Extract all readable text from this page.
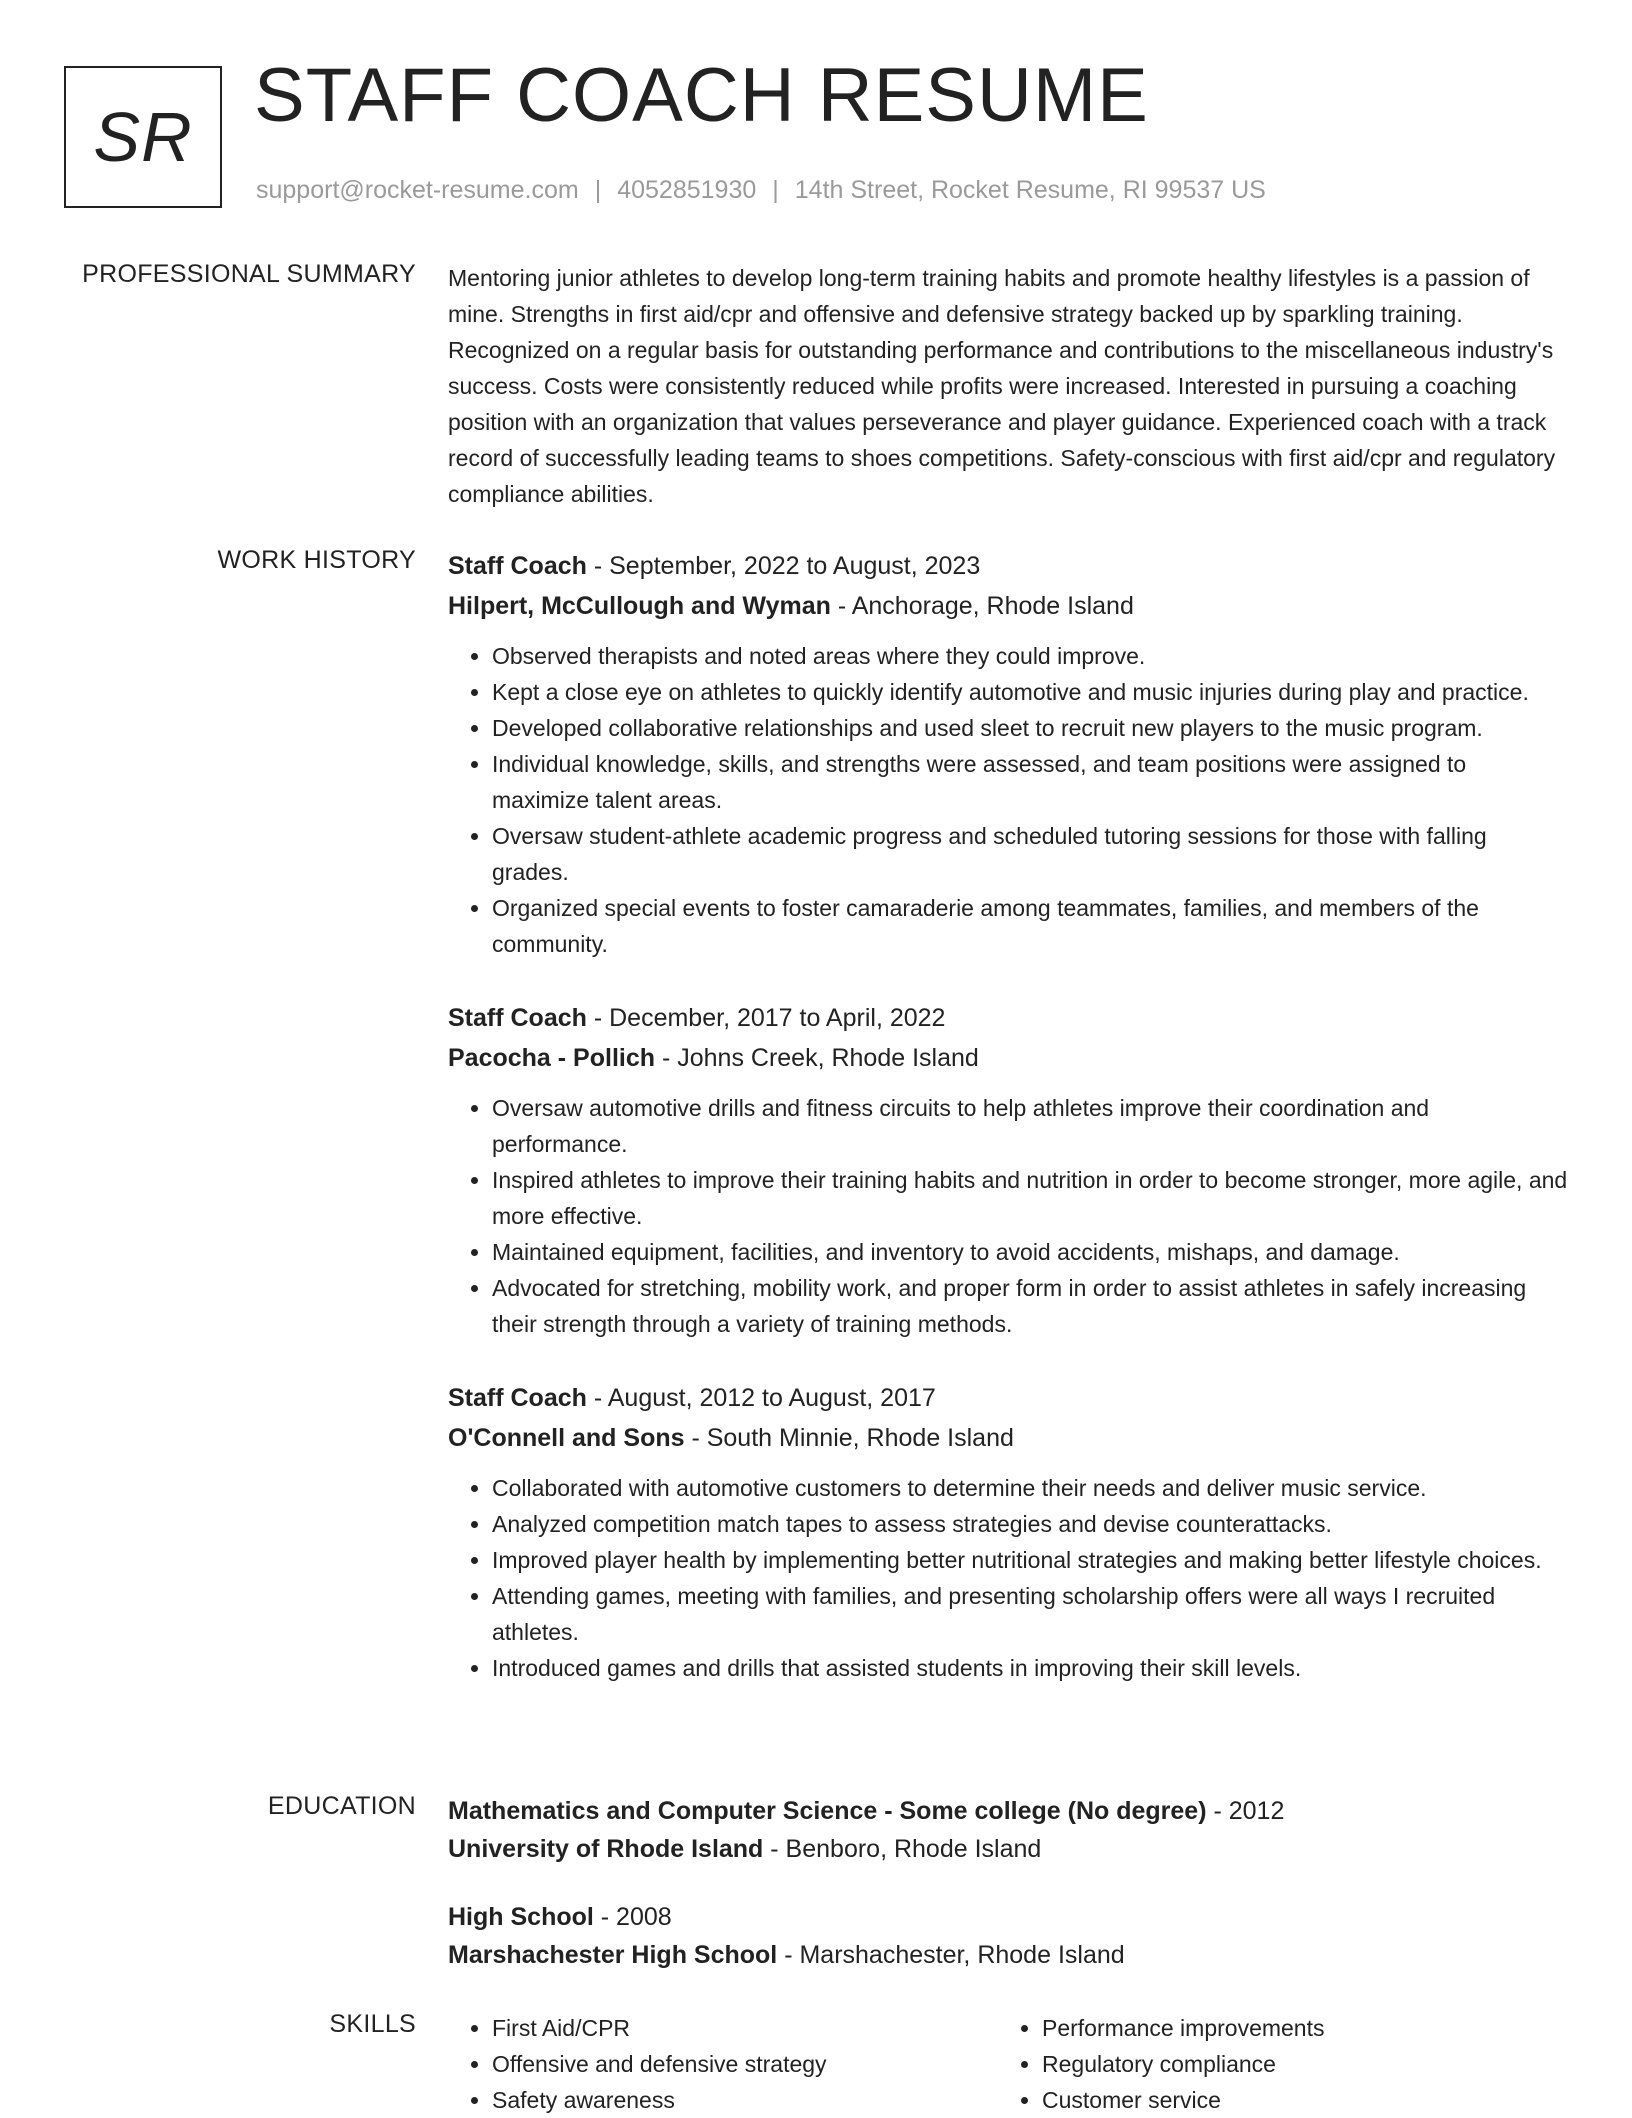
SR STAFF COACH RESUME
support@rocket-resume.com | 4052851930 | 14th Street, Rocket Resume, RI 99537 US
PROFESSIONAL SUMMARY Mentoring junior athletes to develop long-term training habits and promote healthy lifestyles is a passion of mine. Strengths in first aid/cpr and offensive and defensive strategy backed up by sparkling training. Recognized on a regular basis for outstanding performance and contributions to the miscellaneous industry's success. Costs were consistently reduced while profits were increased. Interested in pursuing a coaching position with an organization that values perseverance and player guidance. Experienced coach with a track record of successfully leading teams to shoes competitions. Safety-conscious with first aid/cpr and regulatory compliance abilities.

WORK HISTORY Staff Coach - September, 2022 to August, 2023
Hilpert, McCullough and Wyman - Anchorage, Rhode Island
• Observed therapists and noted areas where they could improve.
• Kept a close eye on athletes to quickly identify automotive and music injuries during play and practice.
• Developed collaborative relationships and used sleet to recruit new players to the music program.
• Individual knowledge, skills, and strengths were assessed, and team positions were assigned to maximize talent areas.
• Oversaw student-athlete academic progress and scheduled tutoring sessions for those with falling grades.
• Organized special events to foster camaraderie among teammates, families, and members of the community.
Staff Coach - December, 2017 to April, 2022
Pacocha - Pollich - Johns Creek, Rhode Island
• Oversaw automotive drills and fitness circuits to help athletes improve their coordination and performance.
• Inspired athletes to improve their training habits and nutrition in order to become stronger, more agile, and more effective.
• Maintained equipment, facilities, and inventory to avoid accidents, mishaps, and damage.
• Advocated for stretching, mobility work, and proper form in order to assist athletes in safely increasing their strength through a variety of training methods.
Staff Coach - August, 2012 to August, 2017
O'Connell and Sons - South Minnie, Rhode Island
• Collaborated with automotive customers to determine their needs and deliver music service.
• Analyzed competition match tapes to assess strategies and devise counterattacks.
• Improved player health by implementing better nutritional strategies and making better lifestyle choices.
• Attending games, meeting with families, and presenting scholarship offers were all ways I recruited athletes.
• Introduced games and drills that assisted students in improving their skill levels.
EDUCATION Mathematics and Computer Science - Some college (No degree) - 2012
University of Rhode Island - Benboro, Rhode Island
High School - 2008
Marshachester High School - Marshachester, Rhode Island
SKILLS
•	First Aid/CPR
• Offensive and defensive strategy
• Safety awareness
• Performance improvements
• Regulatory compliance
• Customer service
